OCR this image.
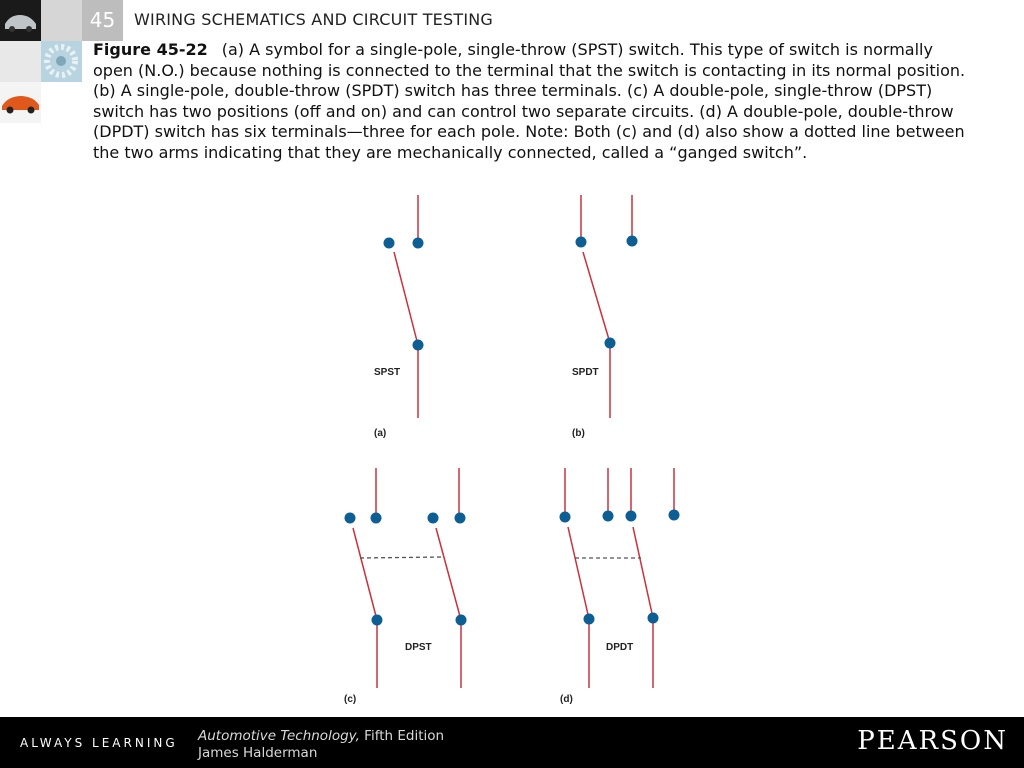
45	WIRING SCHEMATICS AND CIRCUIT TESTING
Figure 45-22 (a) A symbol for a single-pole, single-throw (SPST) switch. This type of switch is normally open (N.O.) because nothing is connected to the terminal that the switch is contacting in its normal position. (b) A single-pole, double-throw (SPDT) switch has three terminals. (c) A double-pole, single-throw (DPST) switch has two positions (off and on) and can control two separate circuits. (d) A double-pole, double-throw (DPDT) switch has six terminals—three for each pole. Note: Both (c) and (d) also show a dotted line between the two arms indicating that they are mechanically connected, called a “ganged switch”.
SPST
(a)
SPDT
(b)
DPST
(c)
DPDT
(d)
ALWAYS LEARNING Automotive Technology, Fifth Edition
James Halderman	PEARSON
